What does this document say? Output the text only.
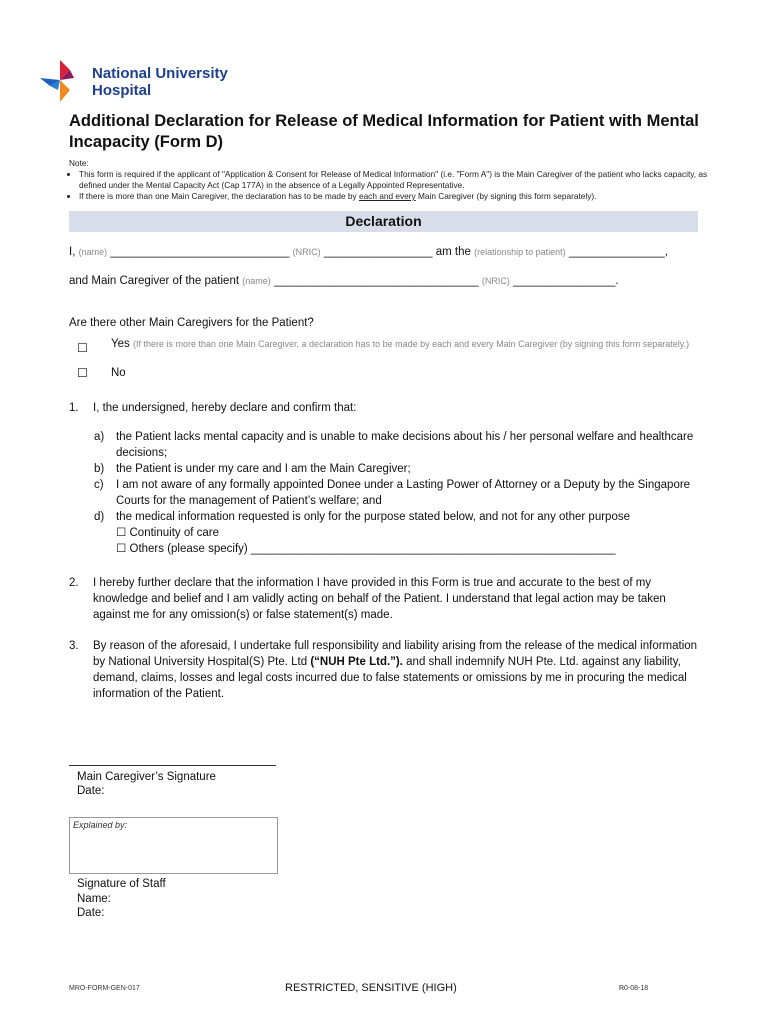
National University
Hospital
Additional Declaration for Release of Medical Information for Patient with Mental Incapacity (Form D)
Note:
• This form is required if the applicant of "Application & Consent for Release of Medical Information" (i.e. "Form A") is the Main Caregiver of the patient who lacks capacity, as defined under the Mental Capacity Act (Cap 177A) in the absence of a Legally Appointed Representative.
• If there is more than one Main Caregiver, the declaration has to be made by each and every Main Caregiver (by signing this form separately).
Declaration
I, (name) ____________________________ (NRIC) _________________ am the (relationship to patient) _______________,
and Main Caregiver of the patient (name) ________________________________ (NRIC) ________________.
Are there other Main Caregivers for the Patient?
☐ Yes (If there is more than one Main Caregiver, a declaration has to be made by each and every Main Caregiver (by signing this form separately.)
☐ No
1.	I, the undersigned, hereby declare and confirm that:
a)	the Patient lacks mental capacity and is unable to make decisions about his / her personal welfare and healthcare decisions;
b)	the Patient is under my care and I am the Main Caregiver;
c)	I am not aware of any formally appointed Donee under a Lasting Power of Attorney or a Deputy by the Singapore Courts for the management of Patient’s welfare; and
d)	the medical information requested is only for the purpose stated below, and not for any other purpose
☐ Continuity of care
☐ Others (please specify) _________________________________________________________
2.	I hereby further declare that the information I have provided in this Form is true and accurate to the best of my knowledge and belief and I am validly acting on behalf of the Patient. I understand that legal action may be taken against me for any omission(s) or false statement(s) made.
3.	By reason of the aforesaid, I undertake full responsibility and liability arising from the release of the medical information by National University Hospital(S) Pte. Ltd (“NUH Pte Ltd.”). and shall indemnify NUH Pte. Ltd. against any liability, demand, claims, losses and legal costs incurred due to false statements or omissions by me in procuring the medical information of the Patient.
Main Caregiver’s Signature
Date:
Explained by:
Signature of Staff
Name:
Date:
MRO-FORM-GEN-017	RESTRICTED, SENSITIVE (HIGH)	R0-08-18
